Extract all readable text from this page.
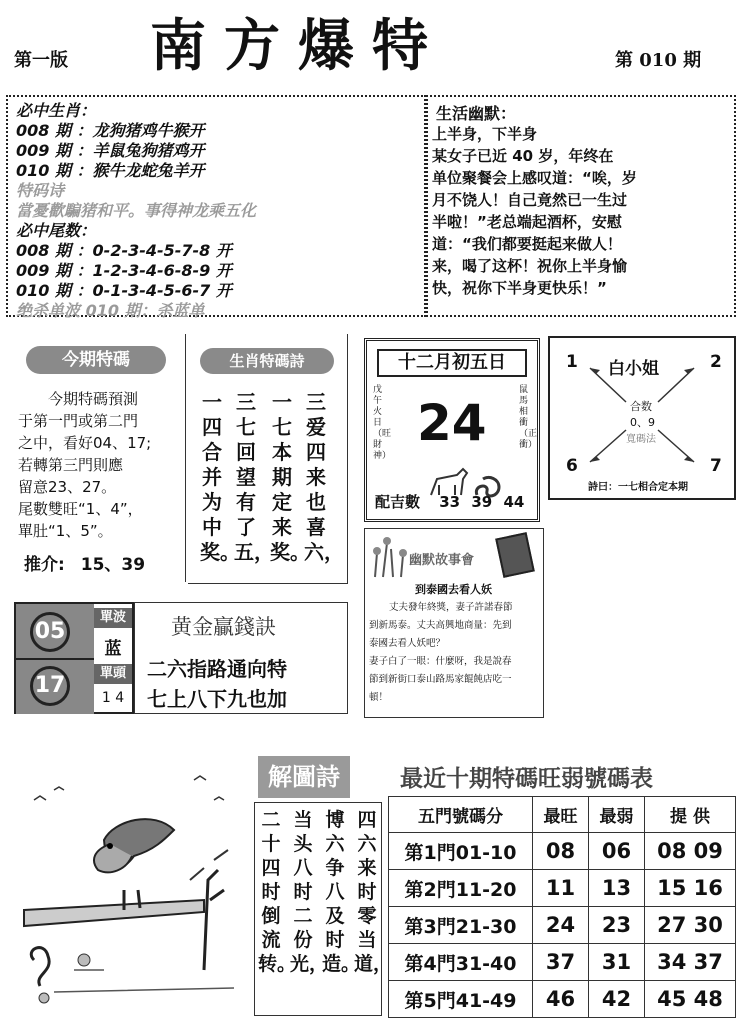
第一版 南方爆特	第 010 期
必中生肖：
008 期 ：龙狗猪鸡牛猴开
009 期 ：羊鼠兔狗猪鸡开
010 期 ：猴牛龙蛇兔羊开
特码诗
當憂歡騙猪和平。事得神龙乘五化
必中尾数：
008 期 ：0-2-3-4-5-7-8 开
009 期 ：1-2-3-4-6-8-9 开
010 期 ：0-1-3-4-5-6-7 开
绝杀单波 010 期：杀蓝单
生活幽默：
上半身，下半身
某女子已近 40 岁，年终在
单位聚餐会上感叹道：“唉，岁
月不饶人！自己竟然已一生过
半啦！”老总端起酒杯，安慰
道：“我们都要挺起来做人！
来，喝了这杯！祝你上半身愉
快，祝你下半身更快乐！”
今期特碼
今期特碼預測
于第一門或第二門
之中，看好04、17;
若轉第三門則應
留意23、27。
尾數雙旺“1、4”，
單肚“1、5”。
推介: 15、39
生肖特碼詩
三爱四来也喜六，
一七本期定来奖。
三七回望有了五，
一四合并为中奖。
十二月初五日
戊午火日（旺財神）
24
鼠馬相衝（正衝）
配吉數 33 39 44
1	2
6	7
白小姐
合数
0、9
寬碼法
詩曰：一七相合定本期
幽默故事會
到泰國去看人妖
丈夫發年終獎，妻子許諾春節
到新馬泰。丈夫高興地商量：先到
泰國去看人妖吧？
妻子白了一眼：什麼呀，我是說春
節到新街口泰山路馬家餛飩店吃一
頓！
05
17
單波
蓝
單頭
1 4
黄金贏錢訣
二六指路通向特
七上八下九也加
解圖詩
四六来时零当道，
博六争八及时造。
当头八时二份光，
二十四时倒流转。
最近十期特碼旺弱號碼表
五門號碼分	最旺	最弱	提 供
第1門01-10	08	06	08 09
第2門11-20	11	13	15 16
第3門21-30	24	23	27 30
第4門31-40	37	31	34 37
第5門41-49	46	42	45 48
